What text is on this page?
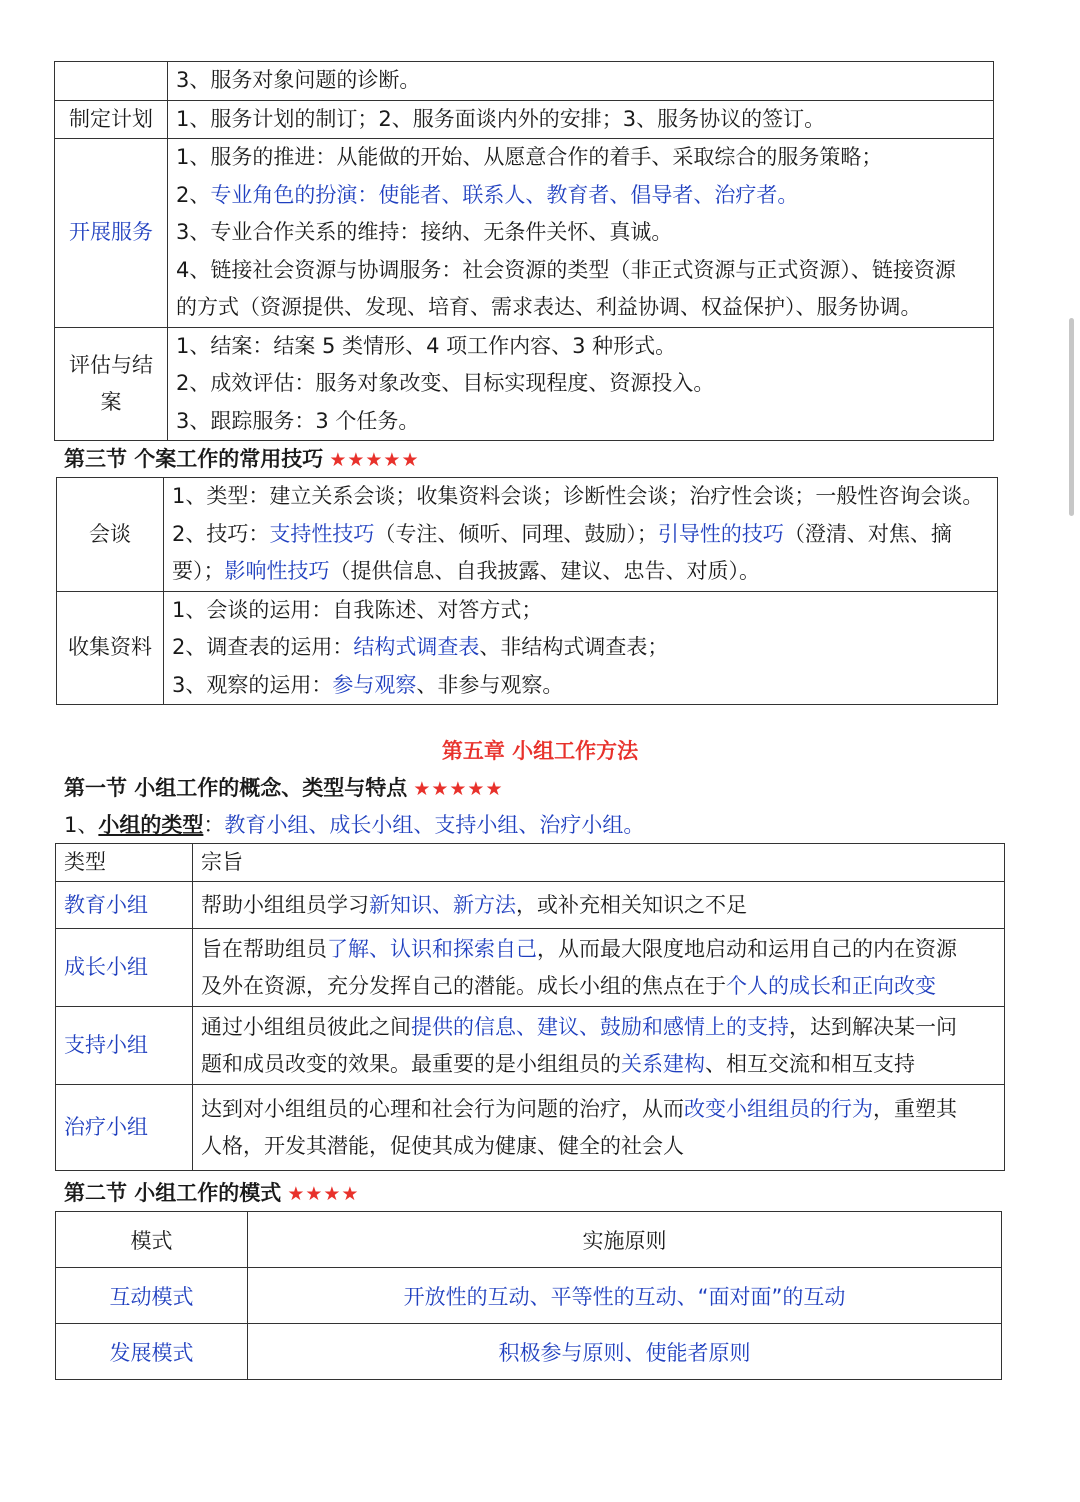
	3、服务对象问题的诊断。

制定计划	1、服务计划的制订；2、服务面谈内外的安排；3、服务协议的签订。

开展服务	1、服务的推进：从能做的开始、从愿意合作的着手、采取综合的服务策略；
2、专业角色的扮演：使能者、联系人、教育者、倡导者、治疗者。
3、专业合作关系的维持：接纳、无条件关怀、真诚。
4、链接社会资源与协调服务：社会资源的类型（非正式资源与正式资源）、链接资源
的方式（资源提供、发现、培育、需求表达、利益协调、权益保护）、服务协调。

评估与结案	1、结案：结案 5 类情形、4 项工作内容、3 种形式。
2、成效评估：服务对象改变、目标实现程度、资源投入。
3、跟踪服务：3 个任务。
第三节 个案工作的常用技巧 ★★★★★
会谈	1、类型：建立关系会谈；收集资料会谈；诊断性会谈；治疗性会谈；一般性咨询会谈。
2、技巧：支持性技巧（专注、倾听、同理、鼓励）；引导性的技巧（澄清、对焦、摘
要）；影响性技巧（提供信息、自我披露、建议、忠告、对质）。

收集资料	1、会谈的运用：自我陈述、对答方式；
2、调查表的运用：结构式调查表、非结构式调查表；
3、观察的运用：参与观察、非参与观察。
第五章 小组工作方法
第一节 小组工作的概念、类型与特点 ★★★★★
1、小组的类型：教育小组、成长小组、支持小组、治疗小组。
类型	宗旨
教育小组	帮助小组组员学习新知识、新方法，或补充相关知识之不足

成长小组	旨在帮助组员了解、认识和探索自己，从而最大限度地启动和运用自己的内在资源
及外在资源，充分发挥自己的潜能。成长小组的焦点在于个人的成长和正向改变

支持小组	通过小组组员彼此之间提供的信息、建议、鼓励和感情上的支持，达到解决某一问
题和成员改变的效果。最重要的是小组组员的关系建构、相互交流和相互支持

治疗小组	达到对小组组员的心理和社会行为问题的治疗，从而改变小组组员的行为，重塑其
人格，开发其潜能，促使其成为健康、健全的社会人
第二节 小组工作的模式 ★★★★
模式	实施原则
互动模式	开放性的互动、平等性的互动、“面对面”的互动
发展模式	积极参与原则、使能者原则
